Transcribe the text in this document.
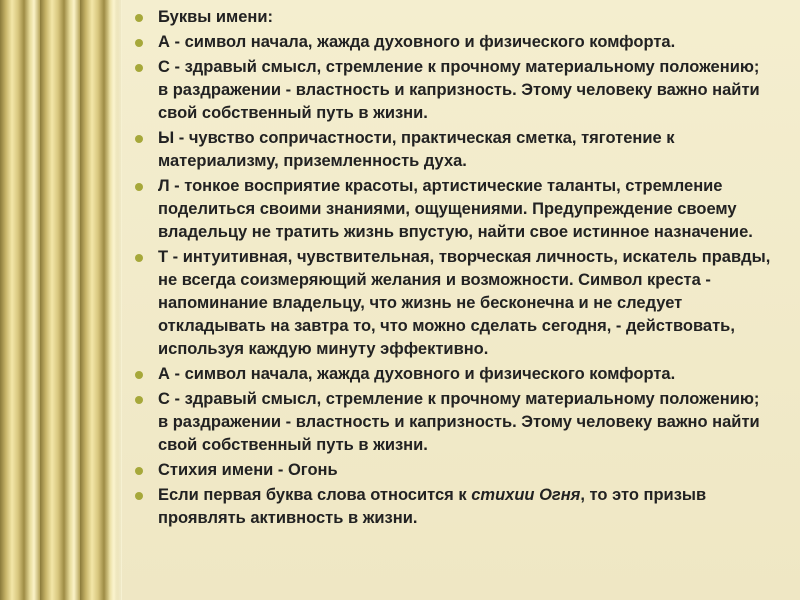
Буквы имени:
А - символ начала, жажда духовного и физического комфорта.
С - здравый смысл, стремление к прочному материальному положению; в раздражении - властность и капризность. Этому человеку важно найти свой собственный путь в жизни.
Ы - чувство сопричастности, практическая сметка, тяготение к материализму, приземленность духа.
Л - тонкое восприятие красоты, артистические таланты, стремление поделиться своими знаниями, ощущениями. Предупреждение своему владельцу не тратить жизнь впустую, найти свое истинное назначение.
Т - интуитивная, чувствительная, творческая личность, искатель правды, не всегда соизмеряющий желания и возможности. Символ креста - напоминание владельцу, что жизнь не бесконечна и не следует откладывать на завтра то, что можно сделать сегодня, - действовать, используя каждую минуту эффективно.
А - символ начала, жажда духовного и физического комфорта.
С - здравый смысл, стремление к прочному материальному положению; в раздражении - властность и капризность. Этому человеку важно найти свой собственный путь в жизни.
Стихия имени - Огонь
Если первая буква слова относится к стихии Огня, то это призыв проявлять активность в жизни.
